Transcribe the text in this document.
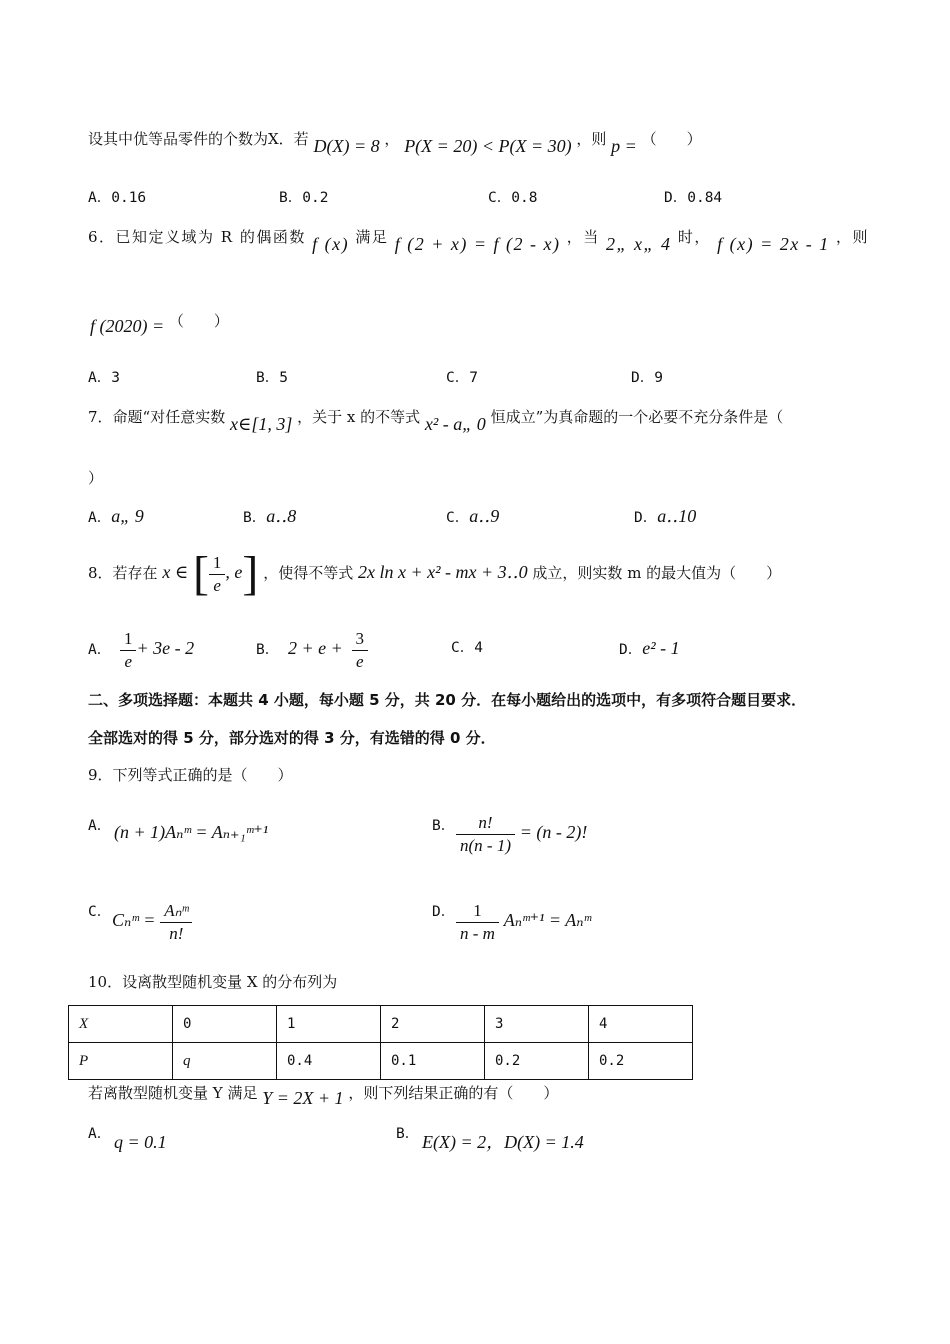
设其中优等品零件的个数为X．若 D(X) = 8 ， P(X = 20) < P(X = 30) ，则 p = （　　）
A．0.16	B．0.2	C．0.8	D．0.84
6．已知定义域为 R 的偶函数 f (x) 满足 f (2 + x) = f (2 - x) ，当 2„ x„ 4 时， f (x) = 2x - 1 ，则
f (2020) = （　　）
A．3	B．5	C．7	D．9
7．命题“对任意实数 x∈[1, 3] ，关于 x 的不等式 x² - a„ 0 恒成立”为真命题的一个必要不充分条件是（
）
A．a„ 9	B．a‥8	C．a‥9	D．a‥10
8．若存在 x ∈ [ $\frac{1}{e}$ , e] ，使得不等式 2x ln x + x² - mx + 3‥0 成立，则实数 m 的最大值为（　　）
A． $\frac{1}{e} + 3e - 2$	B． $2 + e + \frac{3}{e}$	C．4	D．e² - 1
二、多项选择题：本题共 4 小题，每小题 5 分，共 20 分．在每小题给出的选项中，有多项符合题目要求．
全部选对的得 5 分，部分选对的得 3 分，有选错的得 0 分．
9．下列等式正确的是（　　）
A． (n + 1)Aₙᵐ = Aₙ₊₁ᵐ⁺¹	B． $\frac{n!}{n(n - 1)} = (n - 2)$!
C． Cₙᵐ = $\frac{\text{Aₙᵐ}}{n!}$	D． $\frac{1}{n - m}$ Aₙᵐ⁺¹ = Aₙᵐ
10．设离散型随机变量 X 的分布列为
X	0	1	2	3	4
P	q	0.4	0.1	0.2	0.2
若离散型随机变量 Y 满足 Y = 2X + 1 ，则下列结果正确的有（　　）
A． q = 0.1	B． E(X) = 2，D(X) = 1.4
